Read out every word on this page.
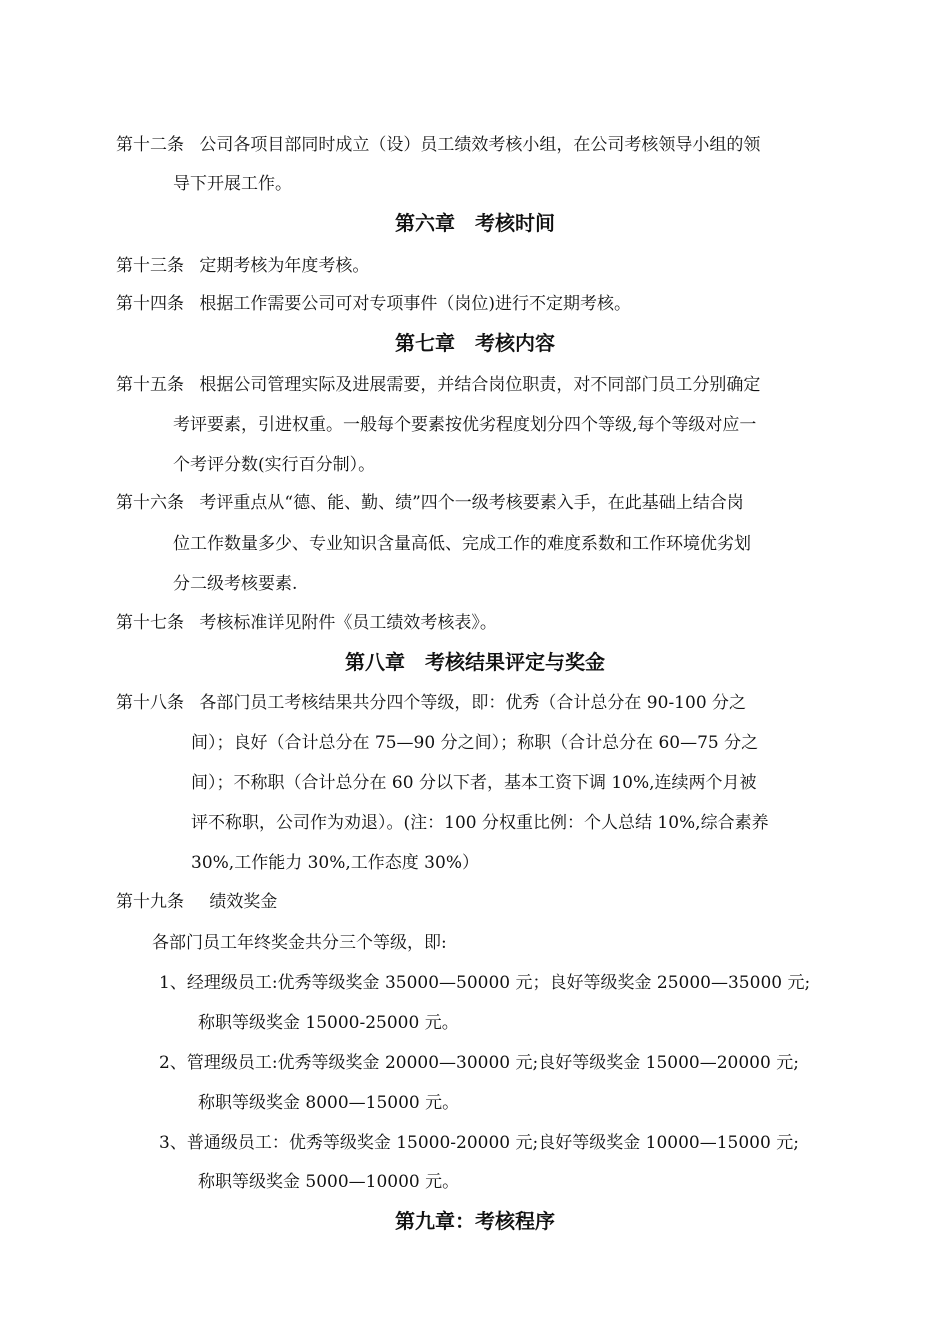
第十二条 公司各项目部同时成立（设）员工绩效考核小组，在公司考核领导小组的领
导下开展工作。
第六章　考核时间
第十三条 定期考核为年度考核。
第十四条 根据工作需要公司可对专项事件（岗位)进行不定期考核。
第七章　考核内容
第十五条 根据公司管理实际及进展需要，并结合岗位职责，对不同部门员工分别确定
考评要素，引进权重。一般每个要素按优劣程度划分四个等级,每个等级对应一
个考评分数(实行百分制）。
第十六条 考评重点从“德、能、勤、绩”四个一级考核要素入手，在此基础上结合岗
位工作数量多少、专业知识含量高低、完成工作的难度系数和工作环境优劣划
分二级考核要素.
第十七条 考核标准详见附件《员工绩效考核表》。
第八章　考核结果评定与奖金
第十八条 各部门员工考核结果共分四个等级，即：优秀（合计总分在 90-100 分之
间）；良好（合计总分在 75—90 分之间）；称职（合计总分在 60—75 分之
间）；不称职（合计总分在 60 分以下者，基本工资下调 10%,连续两个月被
评不称职，公司作为劝退）。(注：100 分权重比例：个人总结 10%,综合素养
30%,工作能力 30%,工作态度 30%）
第十九条 绩效奖金
各部门员工年终奖金共分三个等级，即:
1、经理级员工:优秀等级奖金 35000—50000 元；良好等级奖金 25000—35000 元;
称职等级奖金 15000-25000 元。
2、管理级员工:优秀等级奖金 20000—30000 元;良好等级奖金 15000—20000 元;
称职等级奖金 8000—15000 元。
3、普通级员工：优秀等级奖金 15000-20000 元;良好等级奖金 10000—15000 元;
称职等级奖金 5000—10000 元。
第九章：考核程序
